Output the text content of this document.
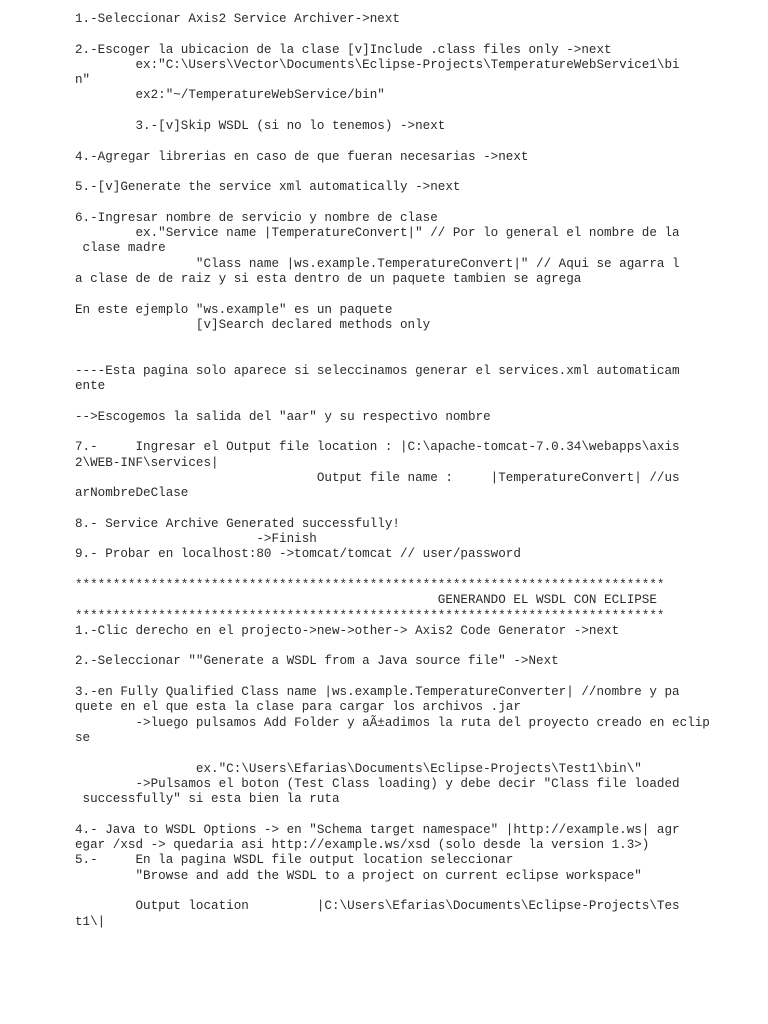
1.-Seleccionar Axis2 Service Archiver->next
2.-Escoger la ubicacion de la clase [v]Include .class files only ->next
ex:"C:\Users\Vector\Documents\Eclipse-Projects\TemperatureWebService1\bi
n"
ex2:"~/TemperatureWebService/bin"
3.-[v]Skip WSDL (si no lo tenemos) ->next
4.-Agregar librerias en caso de que fueran necesarias ->next
5.-[v]Generate the service xml automatically ->next
6.-Ingresar nombre de servicio y nombre de clase
ex."Service name |TemperatureConvert|" // Por lo general el nombre de la
clase madre
"Class name |ws.example.TemperatureConvert|" // Aqui se agarra l
a clase de de raiz y si esta dentro de un paquete tambien se agrega
En este ejemplo "ws.example" es un paquete
[v]Search declared methods only
----Esta pagina solo aparece si seleccinamos generar el services.xml automaticam
ente
-->Escogemos la salida del "aar" y su respectivo nombre
7.-     Ingresar el Output file location : |C:\apache-tomcat-7.0.34\webapps\axis
2\WEB-INF\services|
Output file name :     |TemperatureConvert| //us
arNombreDeClase
8.- Service Archive Generated successfully!
->Finish
9.- Probar en localhost:80 ->tomcat/tomcat // user/password
******************************************************************************
GENERANDO EL WSDL CON ECLIPSE
******************************************************************************
1.-Clic derecho en el projecto->new->other-> Axis2 Code Generator ->next
2.-Seleccionar ""Generate a WSDL from a Java source file" ->Next
3.-en Fully Qualified Class name |ws.example.TemperatureConverter| //nombre y pa
quete en el que esta la clase para cargar los archivos .jar
->luego pulsamos Add Folder y aÃ±adimos la ruta del proyecto creado en eclip
se
ex."C:\Users\Efarias\Documents\Eclipse-Projects\Test1\bin\"
->Pulsamos el boton (Test Class loading) y debe decir "Class file loaded
successfully" si esta bien la ruta
4.- Java to WSDL Options -> en "Schema target namespace" |http://example.ws| agr
egar /xsd -> quedaria asi http://example.ws/xsd (solo desde la version 1.3>)
5.-     En la pagina WSDL file output location seleccionar
"Browse and add the WSDL to a project on current eclipse workspace"
Output location         |C:\Users\Efarias\Documents\Eclipse-Projects\Tes
t1\|
